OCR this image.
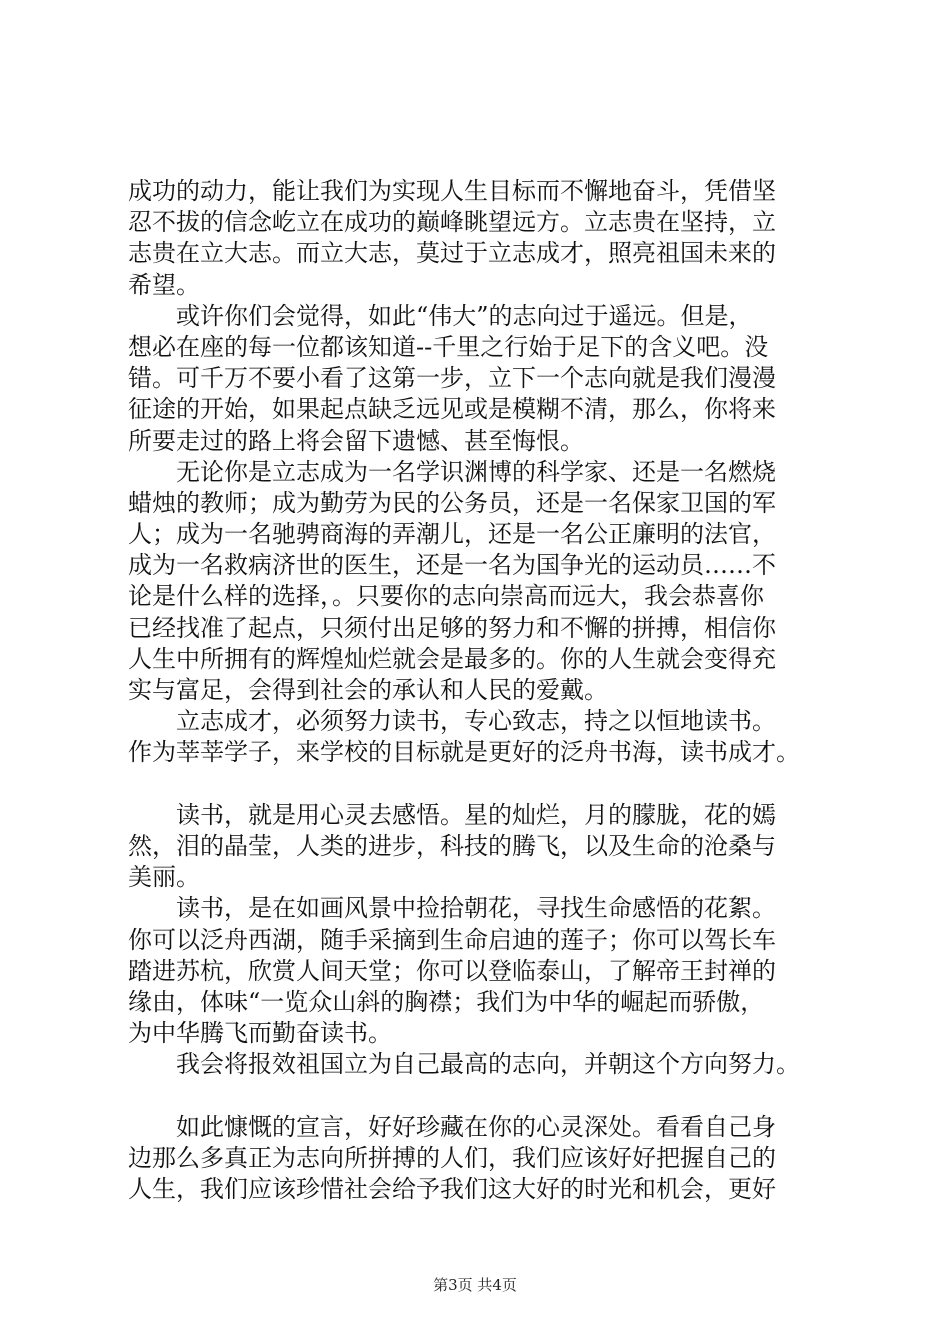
成功的动力，能让我们为实现人生目标而不懈地奋斗，凭借坚
忍不拔的信念屹立在成功的巅峰眺望远方。立志贵在坚持，立
志贵在立大志。而立大志，莫过于立志成才，照亮祖国未来的
希望。
　　或许你们会觉得，如此“伟大”的志向过于遥远。但是，
想必在座的每一位都该知道--千里之行始于足下的含义吧。没
错。可千万不要小看了这第一步，立下一个志向就是我们漫漫
征途的开始，如果起点缺乏远见或是模糊不清，那么，你将来
所要走过的路上将会留下遗憾、甚至悔恨。
　　无论你是立志成为一名学识渊博的科学家、还是一名燃烧
蜡烛的教师；成为勤劳为民的公务员，还是一名保家卫国的军
人；成为一名驰骋商海的弄潮儿，还是一名公正廉明的法官，
成为一名救病济世的医生，还是一名为国争光的运动员……不
论是什么样的选择，。只要你的志向崇高而远大，我会恭喜你
已经找准了起点，只须付出足够的努力和不懈的拼搏，相信你
人生中所拥有的辉煌灿烂就会是最多的。你的人生就会变得充
实与富足，会得到社会的承认和人民的爱戴。
　　立志成才，必须努力读书，专心致志，持之以恒地读书。
作为莘莘学子，来学校的目标就是更好的泛舟书海，读书成才。
　　读书，就是用心灵去感悟。星的灿烂，月的朦胧，花的嫣
然，泪的晶莹，人类的进步，科技的腾飞，以及生命的沧桑与
美丽。
　　读书，是在如画风景中捡拾朝花，寻找生命感悟的花絮。
你可以泛舟西湖，随手采摘到生命启迪的莲子；你可以驾长车
踏进苏杭，欣赏人间天堂；你可以登临泰山，了解帝王封禅的
缘由，体味“一览众山斜的胸襟；我们为中华的崛起而骄傲，
为中华腾飞而勤奋读书。
　　我会将报效祖国立为自己最高的志向，并朝这个方向努力。
　　如此慷慨的宣言，好好珍藏在你的心灵深处。看看自己身
边那么多真正为志向所拼搏的人们，我们应该好好把握自己的
人生，我们应该珍惜社会给予我们这大好的时光和机会，更好
第3页 共4页
